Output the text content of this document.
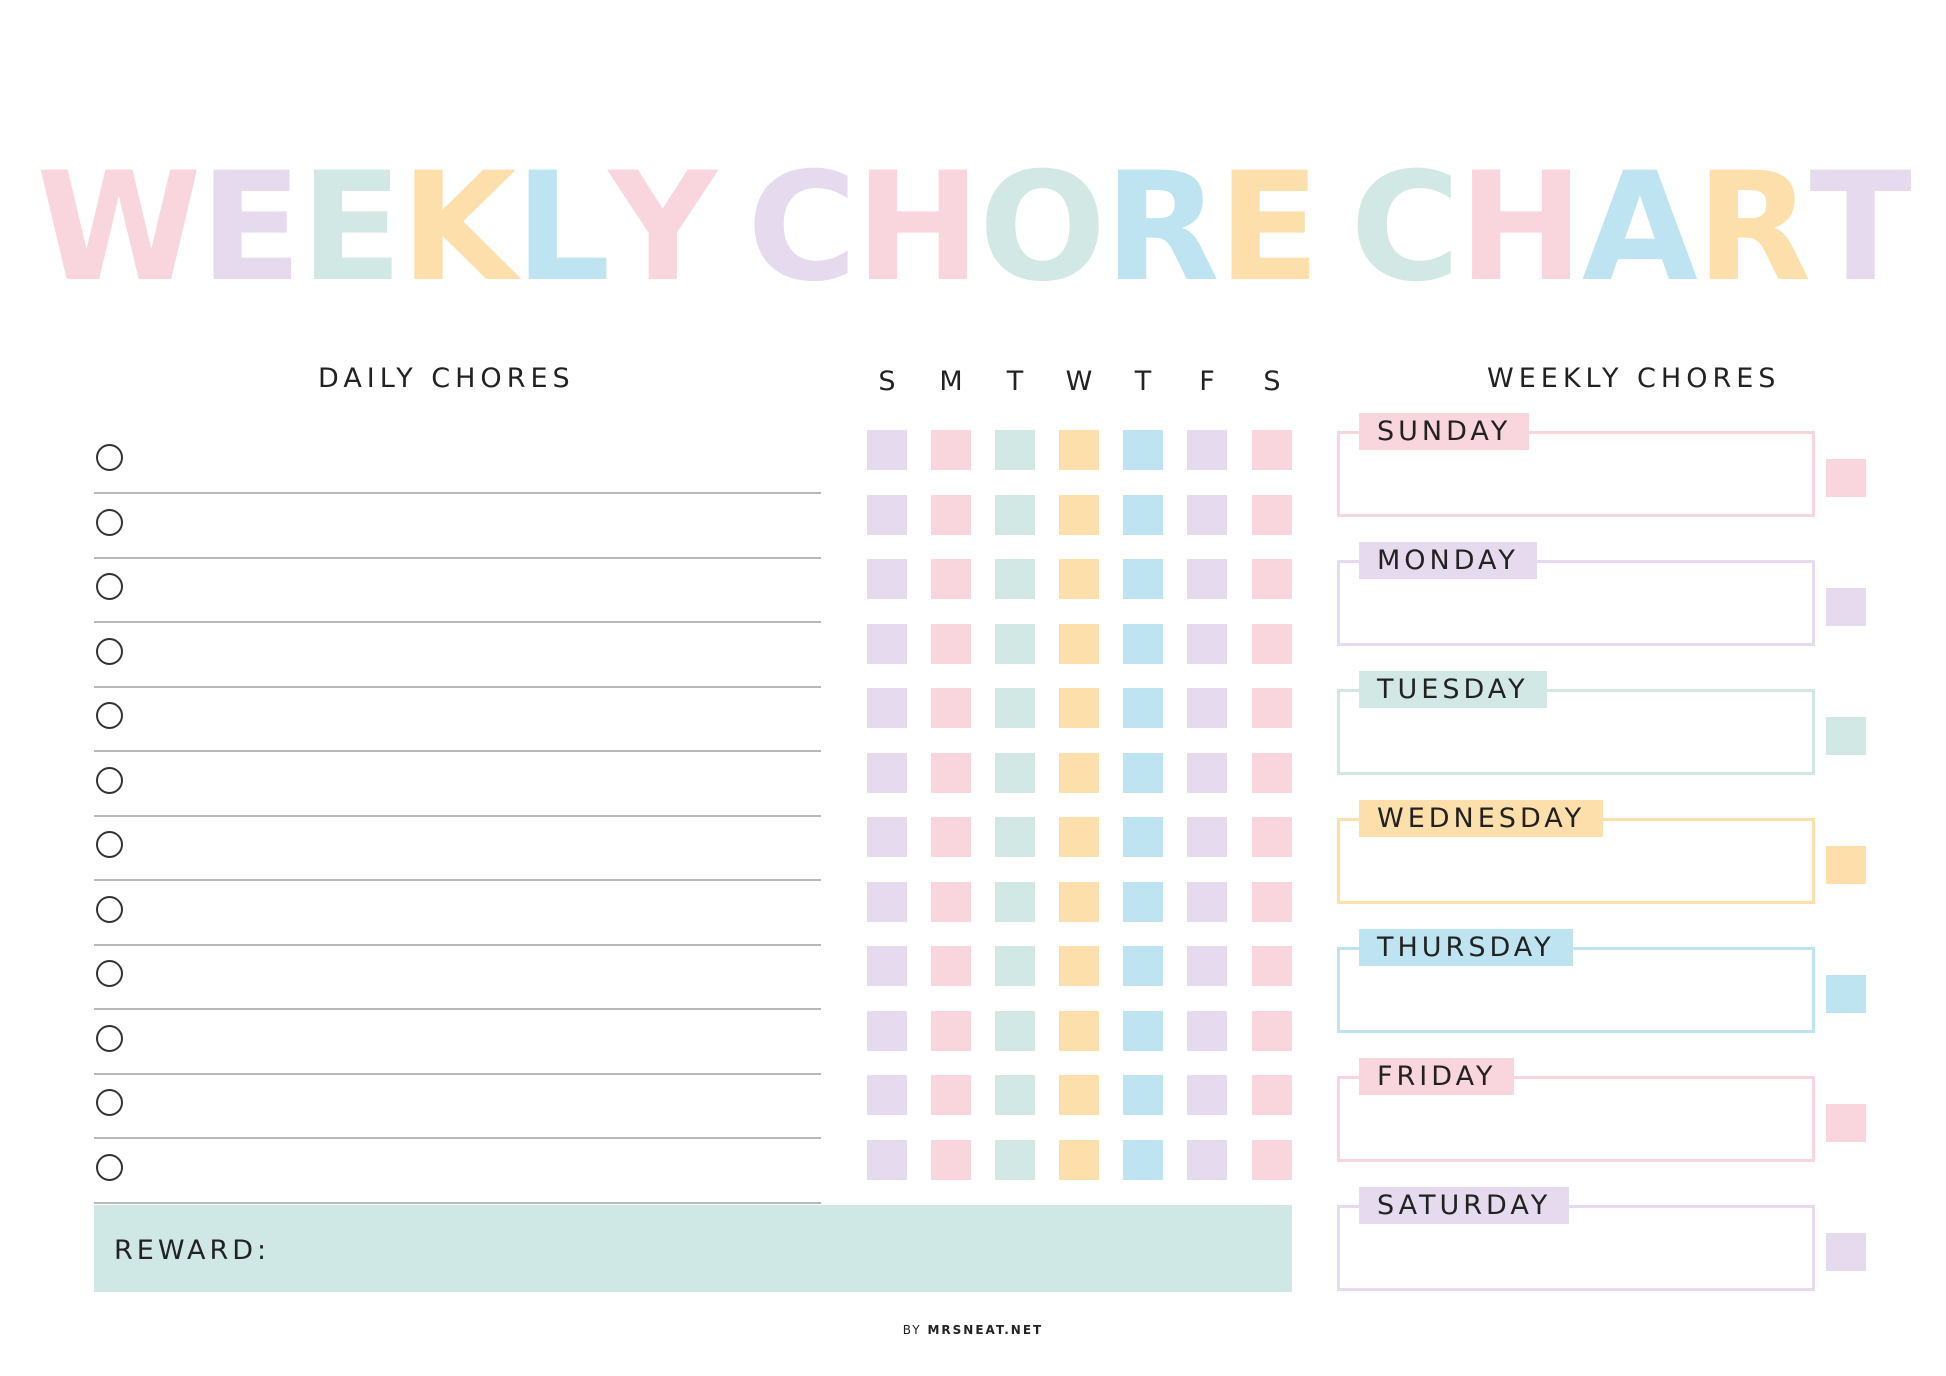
WEEKLY CHORE CHART
DAILY CHORES	WEEKLY CHORES
S	M	T	W	T	F	S
REWARD:
SUNDAY
MONDAY
TUESDAY
WEDNESDAY
THURSDAY
FRIDAY
SATURDAY
BY MRSNEAT.NET
